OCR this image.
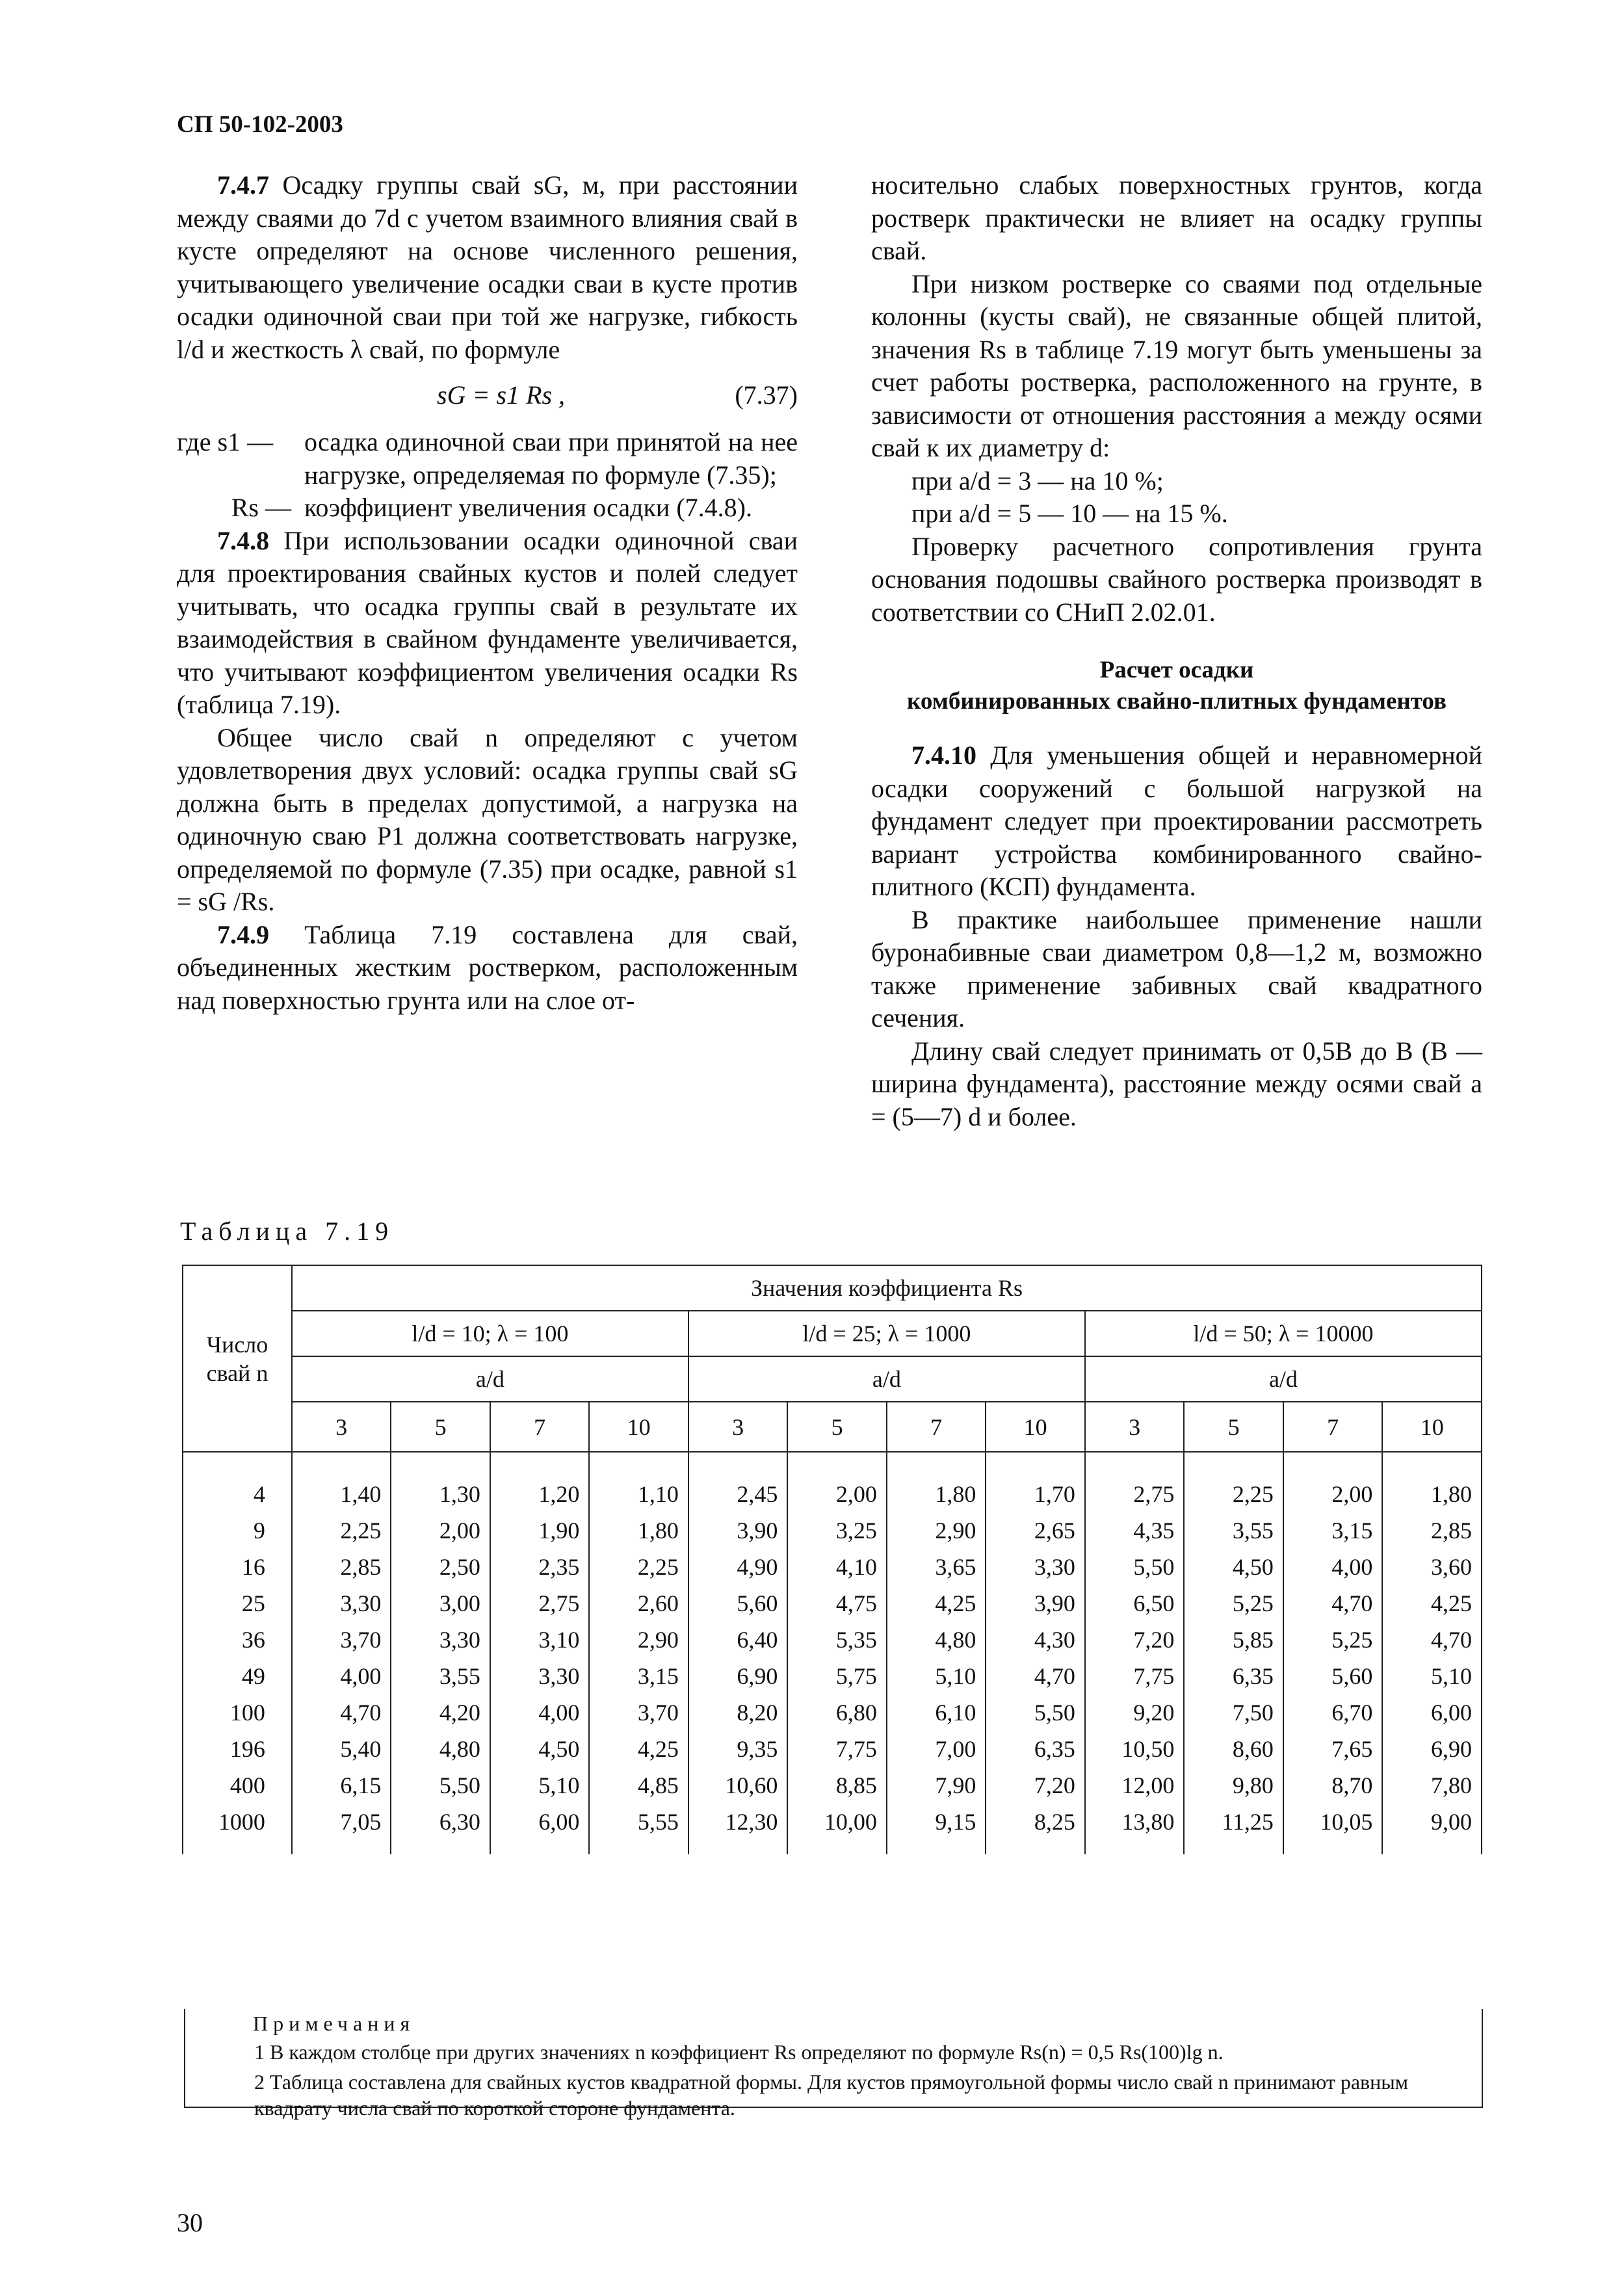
СП 50-102-2003

7.4.7 Осадку группы свай sG, м, при расстоянии между сваями до 7d с учетом взаимного влияния свай в кусте определяют на основе численного решения, учитывающего увеличение осадки сваи в кусте против осадки одиночной сваи при той же нагрузке, гибкость l/d и жесткость λ свай, по формуле

sG = s1 Rs ,	(7.37)
где s1 —	осадка одиночной сваи при принятой на нее нагрузке, определяемая по формуле (7.35);
Rs — коэффициент увеличения осадки (7.4.8).

7.4.8 При использовании осадки одиночной сваи для проектирования свайных кустов и полей следует учитывать, что осадка группы свай в результате их взаимодействия в свайном фундаменте увеличивается, что учитывают коэффициентом увеличения осадки Rs (таблица 7.19).

Общее число свай n определяют с учетом удовлетворения двух условий: осадка группы свай sG должна быть в пределах допустимой, а нагрузка на одиночную сваю P1 должна соответствовать нагрузке, определяемой по формуле (7.35) при осадке, равной s1 = sG /Rs.

7.4.9 Таблица 7.19 составлена для свай, объединенных жестким ростверком, расположенным над поверхностью грунта или на слое от-

носительно слабых поверхностных грунтов, когда ростверк практически не влияет на осадку группы свай.

При низком ростверке со сваями под отдельные колонны (кусты свай), не связанные общей плитой, значения Rs в таблице 7.19 могут быть уменьшены за счет работы ростверка, расположенного на грунте, в зависимости от отношения расстояния a между осями свай к их диаметру d:

при a/d = 3 — на 10 %;

при a/d = 5 — 10 — на 15 %.

Проверку расчетного сопротивления грунта основания подошвы свайного ростверка производят в соответствии со СНиП 2.02.01.

Расчет осадки
комбинированных свайно-плитных фундаментов

7.4.10 Для уменьшения общей и неравномерной осадки сооружений с большой нагрузкой на фундамент следует при проектировании рассмотреть вариант устройства комбинированного свайно-плитного (КСП) фундамента.

В практике наибольшее применение нашли буронабивные сваи диаметром 0,8—1,2 м, возможно также применение забивных свай квадратного сечения.

Длину свай следует принимать от 0,5B до B (B — ширина фундамента), расстояние между осями свай a = (5—7) d и более.

Таблица 7.19
Число свай n	Значения коэффициента Rs											
	l/d = 10; λ = 100				l/d = 25; λ = 1000				l/d = 50; λ = 10000			
	a/d				a/d				a/d			
	3	5	7	10	3	5	7	10	3	5	7	10
4	1,40	1,30	1,20	1,10	2,45	2,00	1,80	1,70	2,75	2,25	2,00	1,80
9	2,25	2,00	1,90	1,80	3,90	3,25	2,90	2,65	4,35	3,55	3,15	2,85
16	2,85	2,50	2,35	2,25	4,90	4,10	3,65	3,30	5,50	4,50	4,00	3,60
25	3,30	3,00	2,75	2,60	5,60	4,75	4,25	3,90	6,50	5,25	4,70	4,25
36	3,70	3,30	3,10	2,90	6,40	5,35	4,80	4,30	7,20	5,85	5,25	4,70
49	4,00	3,55	3,30	3,15	6,90	5,75	5,10	4,70	7,75	6,35	5,60	5,10
100	4,70	4,20	4,00	3,70	8,20	6,80	6,10	5,50	9,20	7,50	6,70	6,00
196	5,40	4,80	4,50	4,25	9,35	7,75	7,00	6,35	10,50	8,60	7,65	6,90
400	6,15	5,50	5,10	4,85	10,60	8,85	7,90	7,20	12,00	9,80	8,70	7,80
1000	7,05	6,30	6,00	5,55	12,30	10,00	9,15	8,25	13,80	11,25	10,05	9,00
Примечания
1 В каждом столбце при других значениях n коэффициент Rs определяют по формуле Rs(n) = 0,5 Rs(100)lg n.
2 Таблица составлена для свайных кустов квадратной формы. Для кустов прямоугольной формы число свай n принимают равным квадрату числа свай по короткой стороне фундамента.
30
